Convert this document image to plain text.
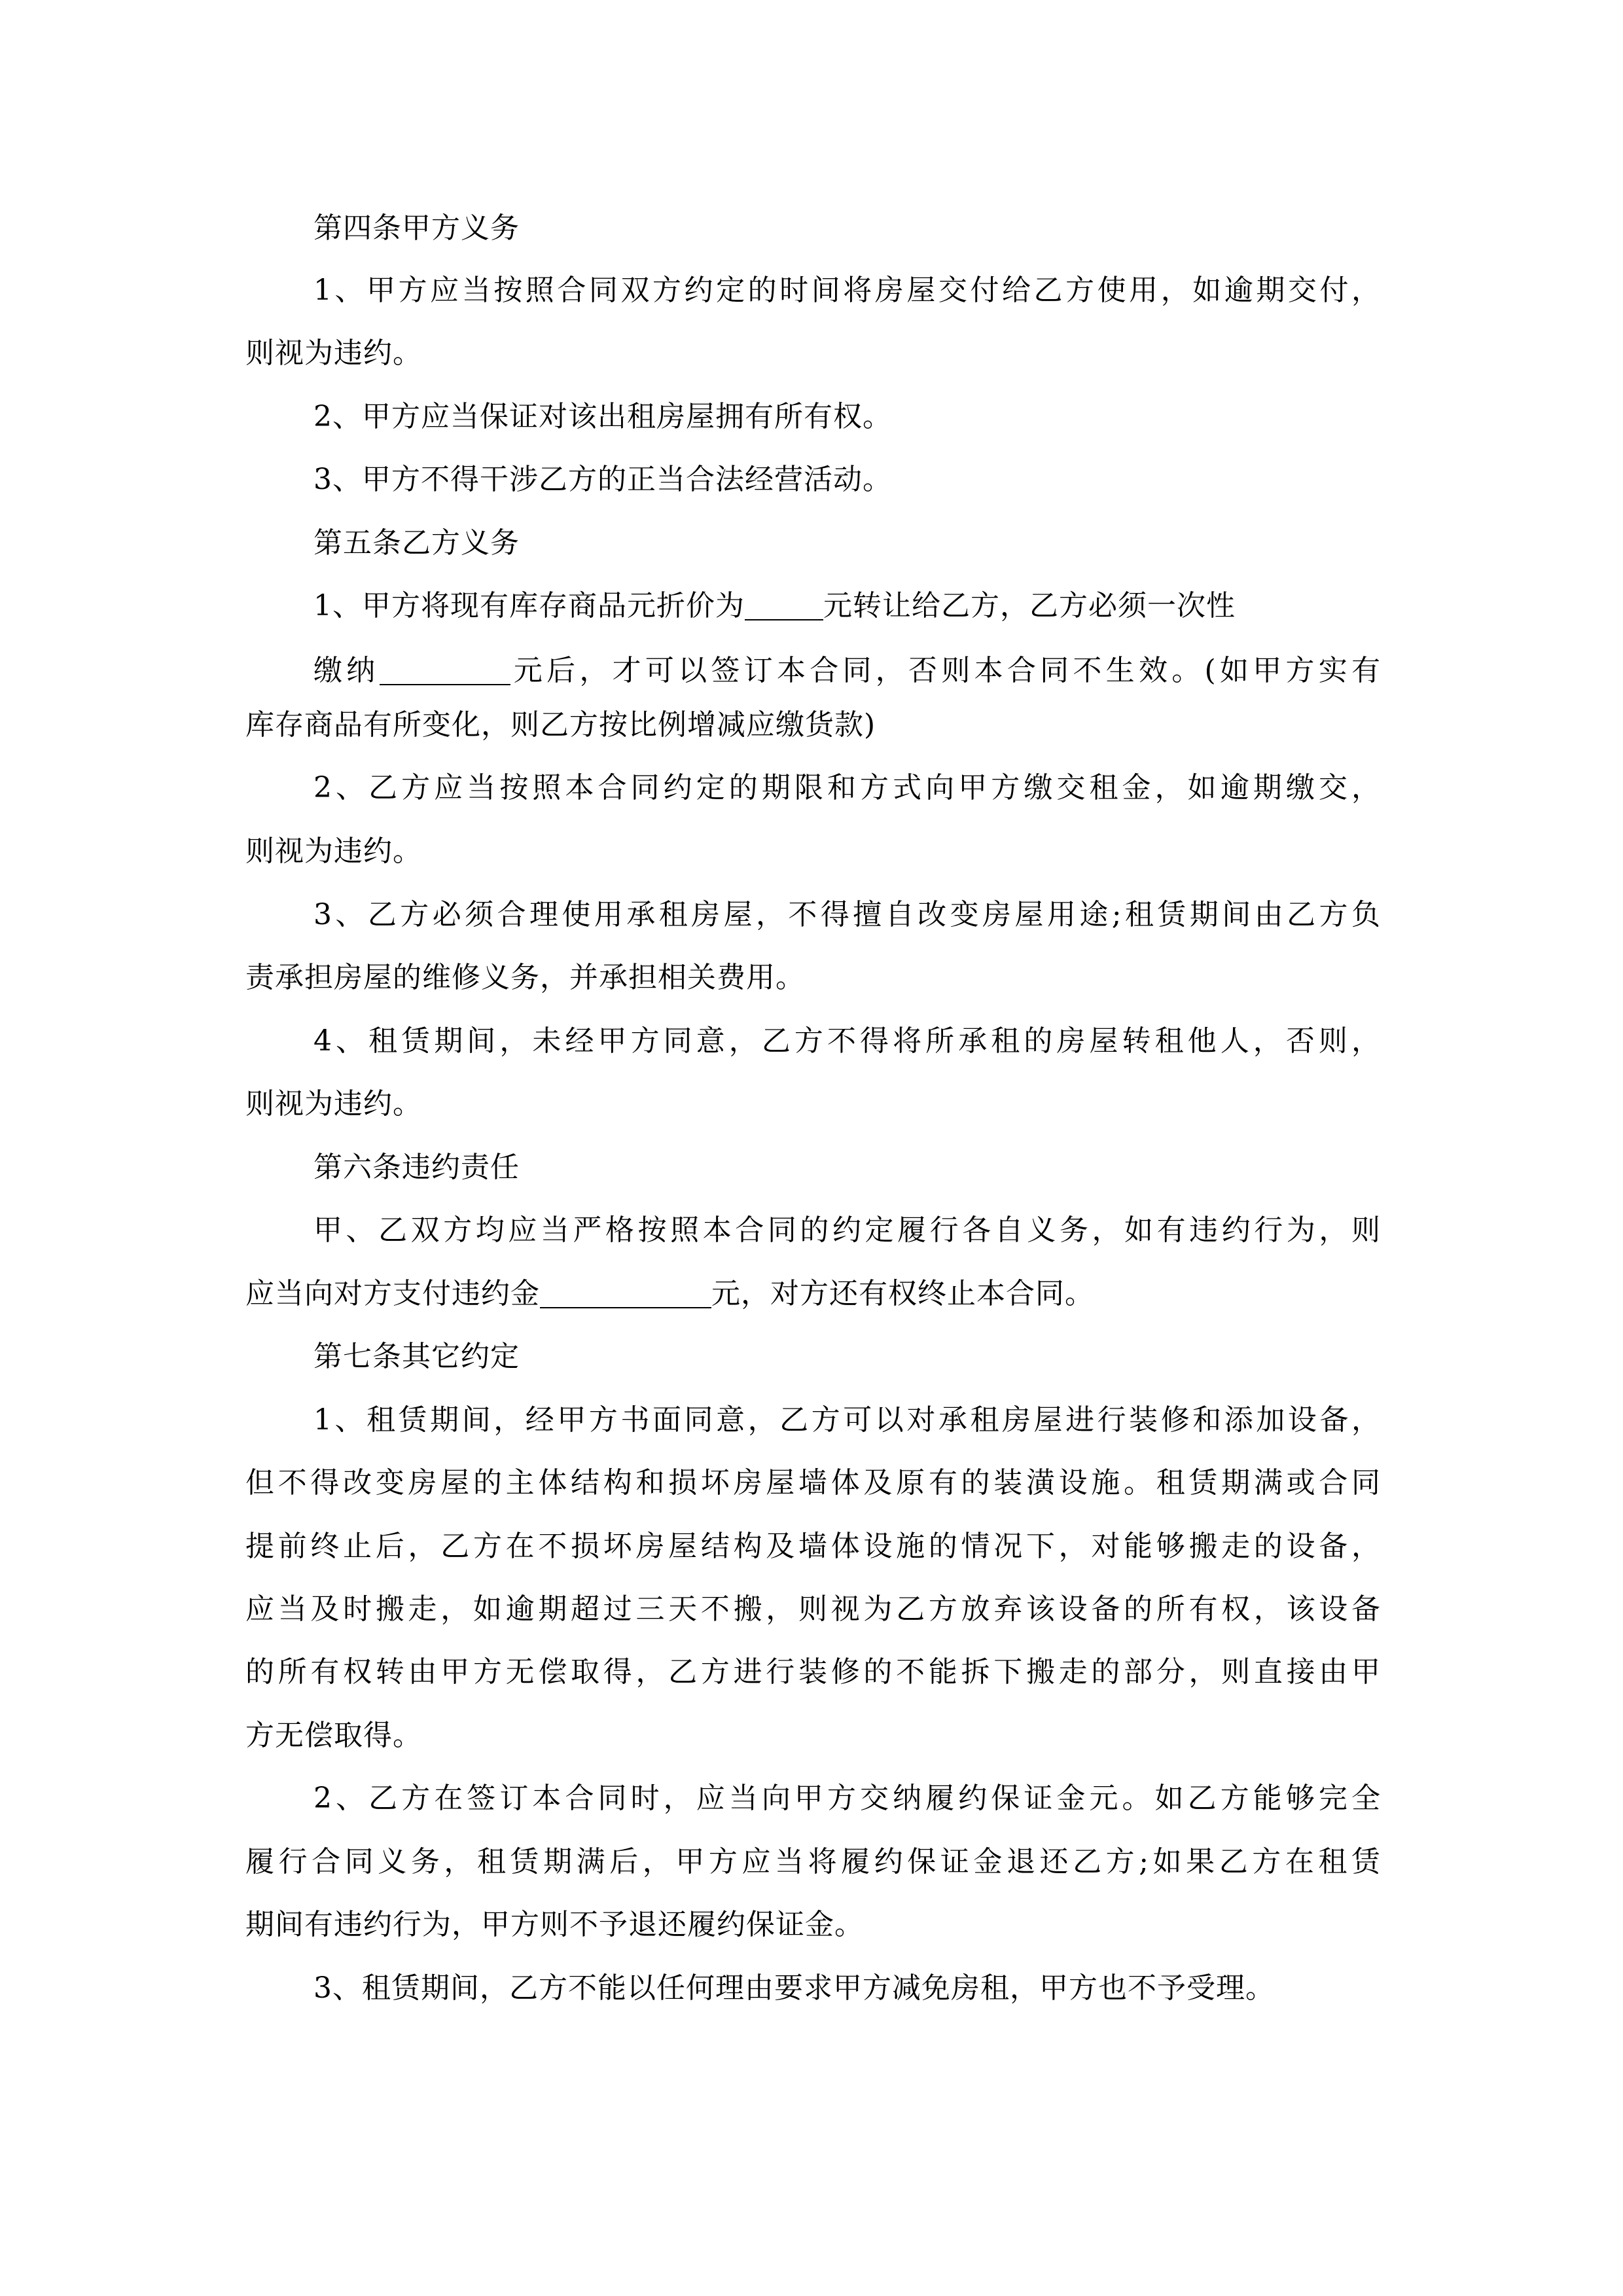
第四条甲方义务
1、甲方应当按照合同双方约定的时间将房屋交付给乙方使用，如逾期交付，
则视为违约。
2、甲方应当保证对该出租房屋拥有所有权。
3、甲方不得干涉乙方的正当合法经营活动。
第五条乙方义务
1、甲方将现有库存商品元折价为	元转让给乙方，乙方必须一次性
缴纳	元后，才可以签订本合同，否则本合同不生效。(如甲方实有
库存商品有所变化，则乙方按比例增减应缴货款)
2、乙方应当按照本合同约定的期限和方式向甲方缴交租金，如逾期缴交，
则视为违约。
3、乙方必须合理使用承租房屋，不得擅自改变房屋用途;租赁期间由乙方负
责承担房屋的维修义务，并承担相关费用。
4、租赁期间，未经甲方同意，乙方不得将所承租的房屋转租他人，否则，
则视为违约。
第六条违约责任
甲、乙双方均应当严格按照本合同的约定履行各自义务，如有违约行为，则
应当向对方支付违约金	元，对方还有权终止本合同。
第七条其它约定
1、租赁期间，经甲方书面同意，乙方可以对承租房屋进行装修和添加设备，
但不得改变房屋的主体结构和损坏房屋墙体及原有的装潢设施。租赁期满或合同
提前终止后，乙方在不损坏房屋结构及墙体设施的情况下，对能够搬走的设备，
应当及时搬走，如逾期超过三天不搬，则视为乙方放弃该设备的所有权，该设备
的所有权转由甲方无偿取得，乙方进行装修的不能拆下搬走的部分，则直接由甲
方无偿取得。
2、乙方在签订本合同时，应当向甲方交纳履约保证金元。如乙方能够完全
履行合同义务，租赁期满后，甲方应当将履约保证金退还乙方;如果乙方在租赁
期间有违约行为，甲方则不予退还履约保证金。
3、租赁期间，乙方不能以任何理由要求甲方减免房租，甲方也不予受理。
